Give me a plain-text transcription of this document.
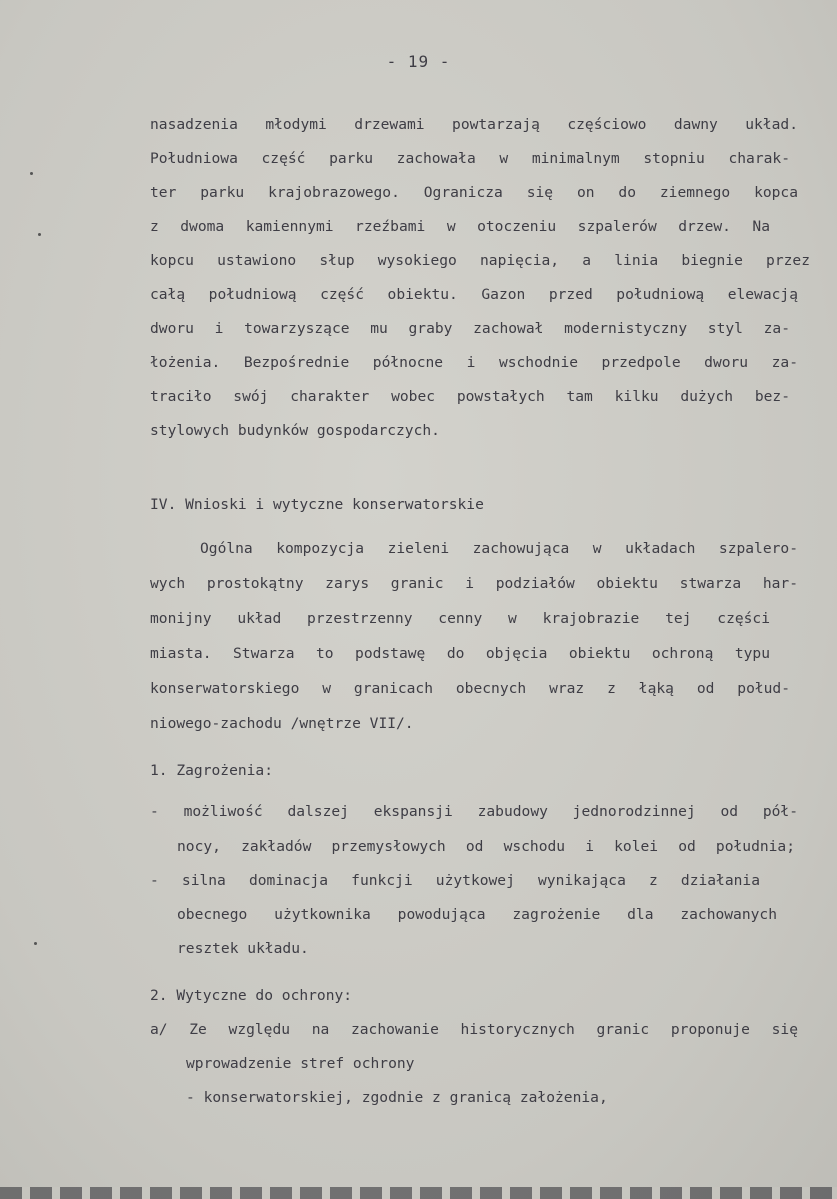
- 19 -
nasadzenia młodymi drzewami powtarzają częściowo dawny układ.
Południowa część parku zachowała w minimalnym stopniu charak-
ter parku krajobrazowego. Ogranicza się on do ziemnego kopca
z dwoma kamiennymi rzeźbami w otoczeniu szpalerów drzew. Na
kopcu ustawiono słup wysokiego napięcia, a linia biegnie przez
całą południową część obiektu. Gazon przed południową elewacją
dworu i towarzyszące mu graby zachował modernistyczny styl za-
łożenia. Bezpośrednie północne i wschodnie przedpole dworu za-
traciło swój charakter wobec powstałych tam kilku dużych bez-
stylowych budynków gospodarczych.
IV. Wnioski i wytyczne konserwatorskie
Ogólna kompozycja zieleni zachowująca w układach szpalero-
wych prostokątny zarys granic i podziałów obiektu stwarza har-
monijny układ przestrzenny cenny w krajobrazie tej części
miasta. Stwarza to podstawę do objęcia obiektu ochroną typu
konserwatorskiego w granicach obecnych wraz z łąką od połud-
niowego-zachodu /wnętrze VII/.
1. Zagrożenia:
- możliwość dalszej ekspansji zabudowy jednorodzinnej od pół-
nocy, zakładów przemysłowych od wschodu i kolei od południa;
- silna dominacja funkcji użytkowej wynikająca z działania
obecnego użytkownika powodująca zagrożenie dla zachowanych
resztek układu.
2. Wytyczne do ochrony:
a/ Ze względu na zachowanie historycznych granic proponuje się
wprowadzenie stref ochrony
- konserwatorskiej, zgodnie z granicą założenia,
